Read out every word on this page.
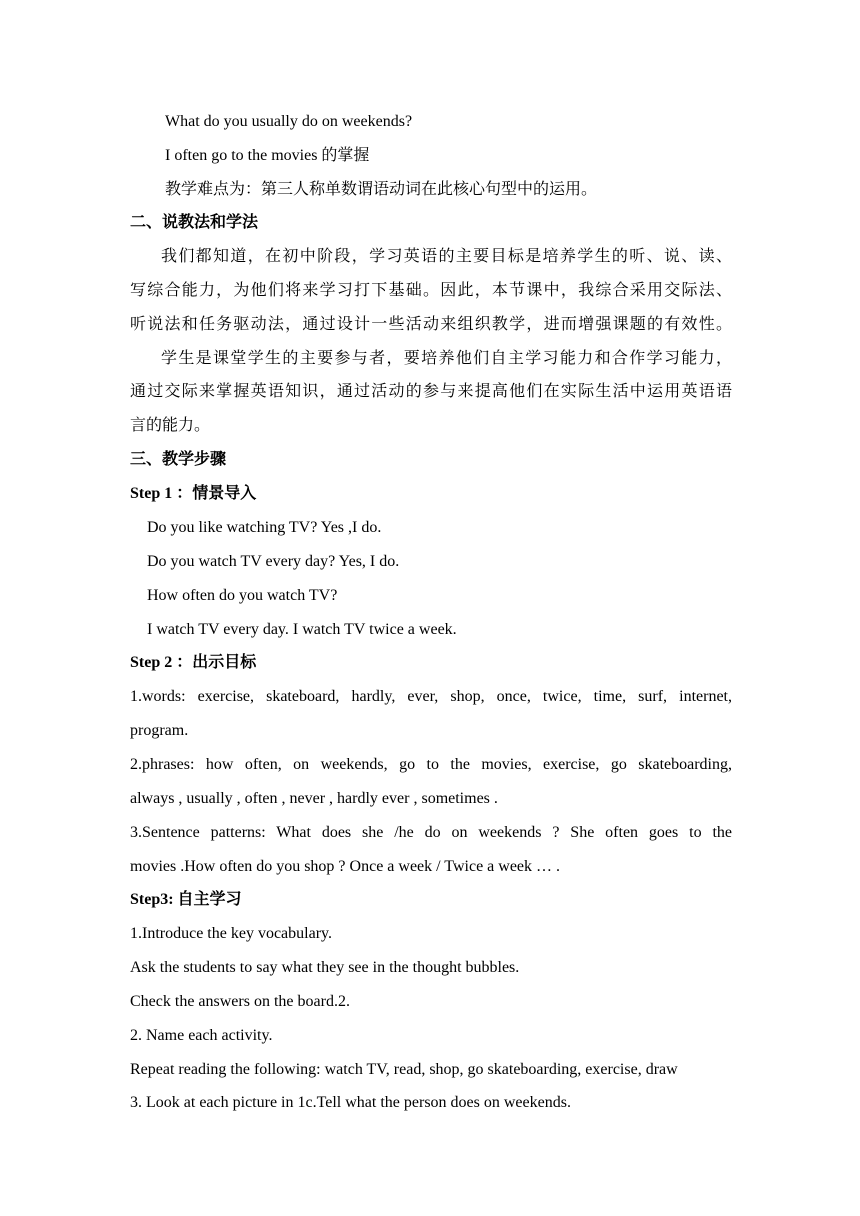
What do you usually do on weekends?
I often go to the movies 的掌握
教学难点为：第三人称单数谓语动词在此核心句型中的运用。
二、说教法和学法
我们都知道，在初中阶段，学习英语的主要目标是培养学生的听、说、读、
写综合能力，为他们将来学习打下基础。因此，本节课中，我综合采用交际法、
听说法和任务驱动法，通过设计一些活动来组织教学，进而增强课题的有效性。
学生是课堂学生的主要参与者，要培养他们自主学习能力和合作学习能力，
通过交际来掌握英语知识，通过活动的参与来提高他们在实际生活中运用英语语
言的能力。
三、教学步骤
Step 1 ：情景导入
Do you like watching TV? Yes ,I do.
Do you watch TV every day? Yes, I do.
How often do you watch TV?
I watch TV every day. I watch TV twice a week.
Step 2 ：出示目标
1.words: exercise, skateboard, hardly, ever, shop, once, twice, time, surf, internet,
program.
2.phrases: how often, on weekends, go to the movies, exercise, go skateboarding,
always , usually , often , never , hardly ever , sometimes .
3.Sentence patterns: What does she /he do on weekends ? She often goes to the
movies .How often do you shop ? Once a week / Twice a week … .
Step3: 自主学习
1.Introduce the key vocabulary.
Ask the students to say what they see in the thought bubbles.
Check the answers on the board.2.
2. Name each activity.
Repeat reading the following: watch TV, read, shop, go skateboarding, exercise, draw
3. Look at each picture in 1c.Tell what the person does on weekends.
